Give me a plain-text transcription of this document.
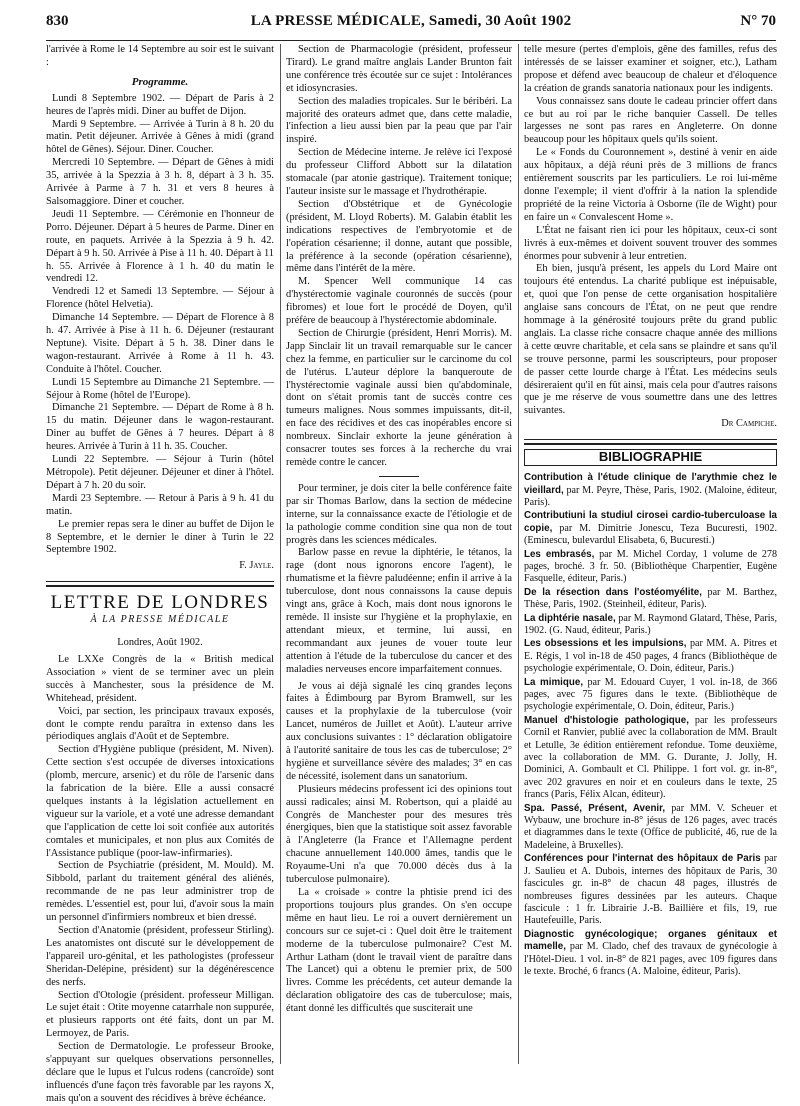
830	LA PRESSE MÉDICALE, Samedi, 30 Août 1902	N° 70

l'arrivée à Rome le 14 Septembre au soir est le suivant :

Programme.

Lundi 8 Septembre 1902. — Départ de Paris à 2 heures de l'après midi. Diner au buffet de Dijon.

Mardi 9 Septembre. — Arrivée à Turin à 8 h. 20 du matin. Petit déjeuner. Arrivée à Gênes à midi (grand hôtel de Gênes). Séjour. Diner. Coucher.

Mercredi 10 Septembre. — Départ de Gênes à midi 35, arrivée à la Spezzia à 3 h. 8, départ à 3 h. 35. Arrivée à Parme à 7 h. 31 et vers 8 heures à Salsomaggiore. Diner et coucher.

Jeudi 11 Septembre. — Cérémonie en l'honneur de Porro. Déjeuner. Départ à 5 heures de Parme. Diner en route, en paquets. Arrivée à la Spezzia à 9 h. 42. Départ à 9 h. 50. Arrivée à Pise à 11 h. 40. Départ à 11 h. 55. Arrivée à Florence à 1 h. 40 du matin le vendredi 12.

Vendredi 12 et Samedi 13 Septembre. — Séjour à Florence (hôtel Helvetia).

Dimanche 14 Septembre. — Départ de Florence à 8 h. 47. Arrivée à Pise à 11 h. 6. Déjeuner (restaurant Neptune). Visite. Départ à 5 h. 38. Diner dans le wagon-restaurant. Arrivée à Rome à 11 h. 43. Conduite à l'hôtel. Coucher.

Lundi 15 Septembre au Dimanche 21 Septembre. — Séjour à Rome (hôtel de l'Europe).

Dimanche 21 Septembre. — Départ de Rome à 8 h. 15 du matin. Déjeuner dans le wagon-restaurant. Diner au buffet de Gênes à 7 heures. Départ à 8 heures. Arrivée à Turin à 11 h. 35. Coucher.

Lundi 22 Septembre. — Séjour à Turin (hôtel Métropole). Petit déjeuner. Déjeuner et diner à l'hôtel. Départ à 7 h. 20 du soir.

Mardi 23 Septembre. — Retour à Paris à 9 h. 41 du matin.

Le premier repas sera le diner au buffet de Dijon le 8 Septembre, et le dernier le diner à Turin le 22 Septembre 1902.

F. Jayle.

LETTRE DE LONDRES
À LA PRESSE MÉDICALE

Londres, Août 1902.

Le LXXe Congrès de la « British medical Association » vient de se terminer avec un plein succès à Manchester, sous la présidence de M. Whitehead, président.

Voici, par section, les principaux travaux exposés, dont le compte rendu paraîtra in extenso dans les périodiques anglais d'Août et de Septembre.

Section d'Hygiène publique (président, M. Niven). Cette section s'est occupée de diverses intoxications (plomb, mercure, arsenic) et du rôle de l'arsenic dans la fabrication de la bière. Elle a aussi consacré quelques instants à la législation actuellement en vigueur sur la variole, et a voté une adresse demandant que l'application de cette loi soit confiée aux autorités comtales et municipales, et non plus aux Comités de l'Assistance publique (poor-law-infirmaries).

Section de Psychiatrie (président, M. Mould). M. Sibbold, parlant du traitement général des aliénés, recommande de ne pas leur administrer trop de remèdes. L'essentiel est, pour lui, d'avoir sous la main un personnel d'infirmiers nombreux et bien dressé.

Section d'Anatomie (président, professeur Stirling). Les anatomistes ont discuté sur le développement de l'appareil uro-génital, et les pathologistes (professeur Sheridan-Delépine, président) sur la dégénérescence des nerfs.

Section d'Otologie (président. professeur Milligan. Le sujet était : Otite moyenne catarrhale non suppurée, et plusieurs rapports ont été faits, dont un par M. Lermoyez, de Paris.

Section de Dermatologie. Le professeur Brooke, s'appuyant sur quelques observations personnelles, déclare que le lupus et l'ulcus rodens (cancroïde) sont influencés d'une façon très favorable par les rayons X, mais qu'on a souvent des récidives à brève échéance.

Section de Pharmacologie (président, professeur Tirard). Le grand maître anglais Lander Brunton fait une conférence très écoutée sur ce sujet : Intolérances et idiosyncrasies.

Section des maladies tropicales. Sur le béribéri. La majorité des orateurs admet que, dans cette maladie, l'infection a lieu aussi bien par la peau que par l'air inspiré.

Section de Médecine interne. Je relève ici l'exposé du professeur Clifford Abbott sur la dilatation stomacale (par atonie gastrique). Traitement tonique; l'auteur insiste sur le massage et l'hydrothérapie.

Section d'Obstétrique et de Gynécologie (président, M. Lloyd Roberts). M. Galabin établit les indications respectives de l'embryotomie et de l'opération césarienne; il donne, autant que possible, la préférence à la seconde (opération césarienne), même dans l'intérêt de la mère.

M. Spencer Well communique 14 cas d'hystérectomie vaginale couronnés de succès (pour fibromes) et loue fort le procédé de Doyen, qu'il préfère de beaucoup à l'hystérectomie abdominale.

Section de Chirurgie (président, Henri Morris). M. Japp Sinclair lit un travail remarquable sur le cancer chez la femme, en particulier sur le carcinome du col de l'utérus. L'auteur déplore la banqueroute de l'hystérectomie vaginale aussi bien qu'abdominale, dont on s'était promis tant de succès contre ces tumeurs malignes. Nous sommes impuissants, dit-il, en face des récidives et des cas inopérables encore si nombreux. Sinclair exhorte la jeune génération à consacrer toutes ses forces à la recherche du vrai remède contre le cancer.

Pour terminer, je dois citer la belle conférence faite par sir Thomas Barlow, dans la section de médecine interne, sur la connaissance exacte de l'étiologie et de la pathologie comme condition sine qua non de tout progrès dans les sciences médicales.

Barlow passe en revue la diphtérie, le tétanos, la rage (dont nous ignorons encore l'agent), le rhumatisme et la fièvre paludéenne; enfin il arrive à la tuberculose, dont nous connaissons la cause depuis vingt ans, grâce à Koch, mais dont nous ignorons le remède. Il insiste sur l'hygiène et la prophylaxie, en attendant mieux, et termine, lui aussi, en recommandant aux jeunes de vouer toute leur attention à l'étude de la tuberculose du cancer et des maladies nerveuses encore imparfaitement connues.

Je vous ai déjà signalé les cinq grandes leçons faites à Édimbourg par Byrom Bramwell, sur les causes et la prophylaxie de la tuberculose (voir Lancet, numéros de Juillet et Août). L'auteur arrive aux conclusions suivantes : 1° déclaration obligatoire à l'autorité sanitaire de tous les cas de tuberculose; 2° hygiène et surveillance sévère des malades; 3° en cas de nécessité, isolement dans un sanatorium.

Plusieurs médecins professent ici des opinions tout aussi radicales; ainsi M. Robertson, qui a plaidé au Congrès de Manchester pour des mesures très énergiques, bien que la statistique soit assez favorable à l'Angleterre (la France et l'Allemagne perdent chacune annuellement 140.000 âmes, tandis que le Royaume-Uni n'a que 70.000 décès dus à la tuberculose pulmonaire).

La « croisade » contre la phtisie prend ici des proportions toujours plus grandes. On s'en occupe même en haut lieu. Le roi a ouvert dernièrement un concours sur ce sujet-ci : Quel doit être le traitement moderne de la tuberculose pulmonaire? C'est M. Arthur Latham (dont le travail vient de paraître dans The Lancet) qui a obtenu le premier prix, de 500 livres. Comme les précédents, cet auteur demande la déclaration obligatoire des cas de tuberculose; mais, étant donné les difficultés que susciterait une

telle mesure (pertes d'emplois, gêne des familles, refus des intéressés de se laisser examiner et soigner, etc.), Latham propose et défend avec beaucoup de chaleur et d'éloquence la création de grands sanatoria nationaux pour les indigents.

Vous connaissez sans doute le cadeau princier offert dans ce but au roi par le riche banquier Cassell. De telles largesses ne sont pas rares en Angleterre. On donne beaucoup pour les hôpitaux quels qu'ils soient.

Le « Fonds du Couronnement », destiné à venir en aide aux hôpitaux, a déjà réuni près de 3 millions de francs entièrement souscrits par les particuliers. Le roi lui-même donne l'exemple; il vient d'offrir à la nation la splendide propriété de la reine Victoria à Osborne (île de Wight) pour en faire un « Convalescent Home ».

L'État ne faisant rien ici pour les hôpitaux, ceux-ci sont livrés à eux-mêmes et doivent souvent trouver des sommes énormes pour subvenir à leur entretien.

Eh bien, jusqu'à présent, les appels du Lord Maire ont toujours été entendus. La charité publique est inépuisable, et, quoi que l'on pense de cette organisation hospitalière anglaise sans concours de l'État, on ne peut que rendre hommage à la générosité toujours prête du grand public anglais. La classe riche consacre chaque année des millions à cette œuvre charitable, et cela sans se plaindre et sans qu'il se trouve personne, parmi les souscripteurs, pour proposer de passer cette lourde charge à l'État. Les médecins seuls désireraient qu'il en fût ainsi, mais cela pour d'autres raisons que je me réserve de vous soumettre dans une des lettres suivantes.

Dr Campiche.

BIBLIOGRAPHIE

Contribution à l'étude clinique de l'arythmie chez le vieillard, par M. Peyre, Thèse, Paris, 1902. (Maloine, éditeur, Paris).

Contributiuni la studiul cirosei cardio-tuberculoase la copie, par M. Dimitrie Jonescu, Teza Bucuresti, 1902. (Eminescu, bulevardul Elisabeta, 6, Bucuresti.)

Les embrasés, par M. Michel Corday, 1 volume de 278 pages, broché. 3 fr. 50. (Bibliothèque Charpentier, Eugène Fasquelle, éditeur, Paris.)

De la résection dans l'ostéomyélite, par M. Barthez, Thèse, Paris, 1902. (Steinheil, éditeur, Paris).

La diphtérie nasale, par M. Raymond Glatard, Thèse, Paris, 1902. (G. Naud, éditeur, Paris.)

Les obsessions et les impulsions, par MM. A. Pitres et E. Régis, 1 vol in-18 de 450 pages, 4 francs (Bibliothèque de psychologie expérimentale, O. Doin, éditeur, Paris.)

La mimique, par M. Edouard Cuyer, 1 vol. in-18, de 366 pages, avec 75 figures dans le texte. (Bibliothèque de psychologie expérimentale, O. Doin, éditeur, Paris.)

Manuel d'histologie pathologique, par les professeurs Cornil et Ranvier, publié avec la collaboration de MM. Brault et Letulle, 3e édition entièrement refondue. Tome deuxième, avec la collaboration de MM. G. Durante, J. Jolly, H. Dominici, A. Gombault et Cl. Philippe. 1 fort vol. gr. in-8°, avec 202 gravures en noir et en couleurs dans le texte, 25 francs (Paris, Félix Alcan, éditeur).

Spa. Passé, Présent, Avenir, par MM. V. Scheuer et Wybauw, une brochure in-8° jésus de 126 pages, avec tracés et diagrammes dans le texte (Office de publicité, 46, rue de la Madeleine, à Bruxelles).

Conférences pour l'internat des hôpitaux de Paris par J. Saulieu et A. Dubois, internes des hôpitaux de Paris, 30 fascicules gr. in-8° de chacun 48 pages, illustrés de nombreuses figures dessinées par les auteurs. Chaque fascicule : 1 fr. Librairie J.-B. Baillière et fils, 19, rue Hautefeuille, Paris.

Diagnostic gynécologique; organes génitaux et mamelle, par M. Clado, chef des travaux de gynécologie à l'Hôtel-Dieu. 1 vol. in-8° de 821 pages, avec 109 figures dans le texte. Broché, 6 francs (A. Maloine, éditeur, Paris).
